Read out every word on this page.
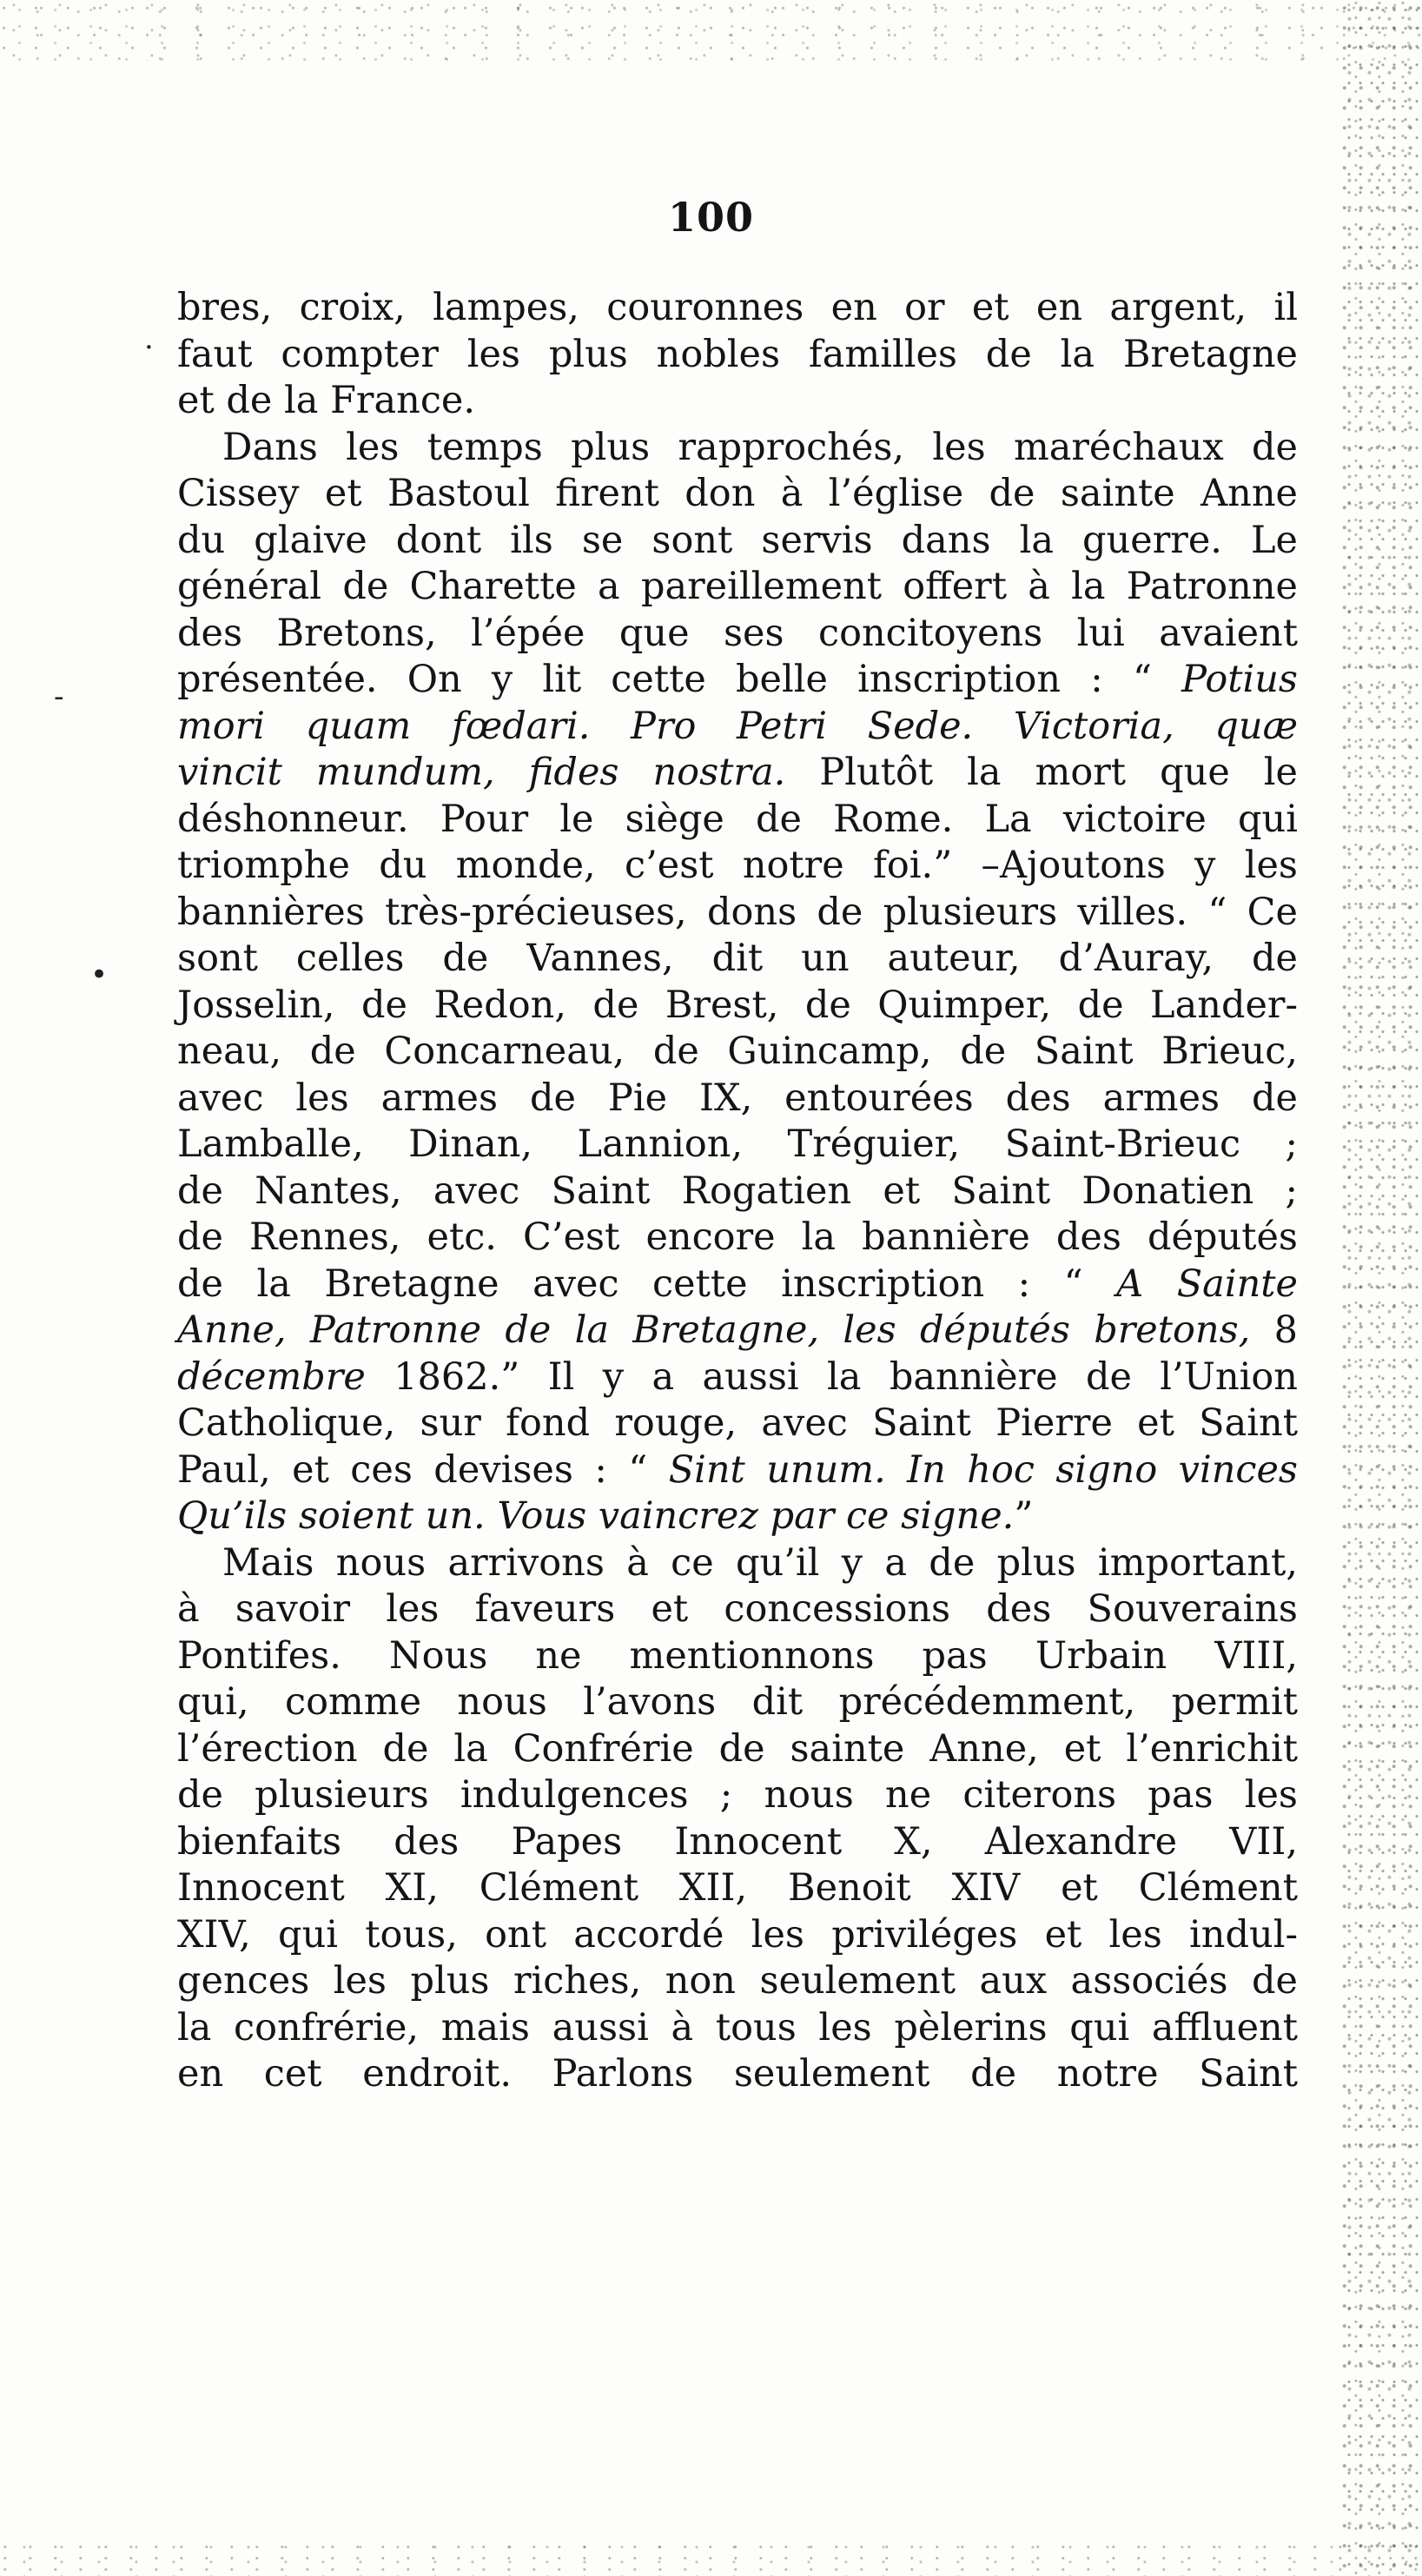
100
·
-
•
bres, croix, lampes, couronnes en or et en argent, il
faut compter les plus nobles familles de la Bretagne
et de la France.
Dans les temps plus rapprochés, les maréchaux de
Cissey et Bastoul firent don à l’église de sainte Anne
du glaive dont ils se sont servis dans la guerre. Le
général de Charette a pareillement offert à la Patronne
des Bretons, l’épée que ses concitoyens lui avaient
présentée. On y lit cette belle inscription : “ Potius
mori quam fœdari. Pro Petri Sede. Victoria, quæ
vincit mundum, fides nostra. Plutôt la mort que le
déshonneur. Pour le siège de Rome. La victoire qui
triomphe du monde, c’est notre foi.” –Ajoutons y les
bannières très-précieuses, dons de plusieurs villes. “ Ce
sont celles de Vannes, dit un auteur, d’Auray, de
Josselin, de Redon, de Brest, de Quimper, de Lander-
neau, de Concarneau, de Guincamp, de Saint Brieuc,
avec les armes de Pie IX, entourées des armes de
Lamballe, Dinan, Lannion, Tréguier, Saint-Brieuc ;
de Nantes, avec Saint Rogatien et Saint Donatien ;
de Rennes, etc. C’est encore la bannière des députés
de la Bretagne avec cette inscription : “ A Sainte
Anne, Patronne de la Bretagne, les députés bretons, 8
décembre 1862.” Il y a aussi la bannière de l’Union
Catholique, sur fond rouge, avec Saint Pierre et Saint
Paul, et ces devises : “ Sint unum. In hoc signo vinces
Qu’ils soient un. Vous vaincrez par ce signe.”
Mais nous arrivons à ce qu’il y a de plus important,
à savoir les faveurs et concessions des Souverains
Pontifes. Nous ne mentionnons pas Urbain VIII,
qui, comme nous l’avons dit précédemment, permit
l’érection de la Confrérie de sainte Anne, et l’enrichit
de plusieurs indulgences ; nous ne citerons pas les
bienfaits des Papes Innocent X, Alexandre VII,
Innocent XI, Clément XII, Benoit XIV et Clément
XIV, qui tous, ont accordé les priviléges et les indul-
gences les plus riches, non seulement aux associés de
la confrérie, mais aussi à tous les pèlerins qui affluent
en cet endroit. Parlons seulement de notre Saint
